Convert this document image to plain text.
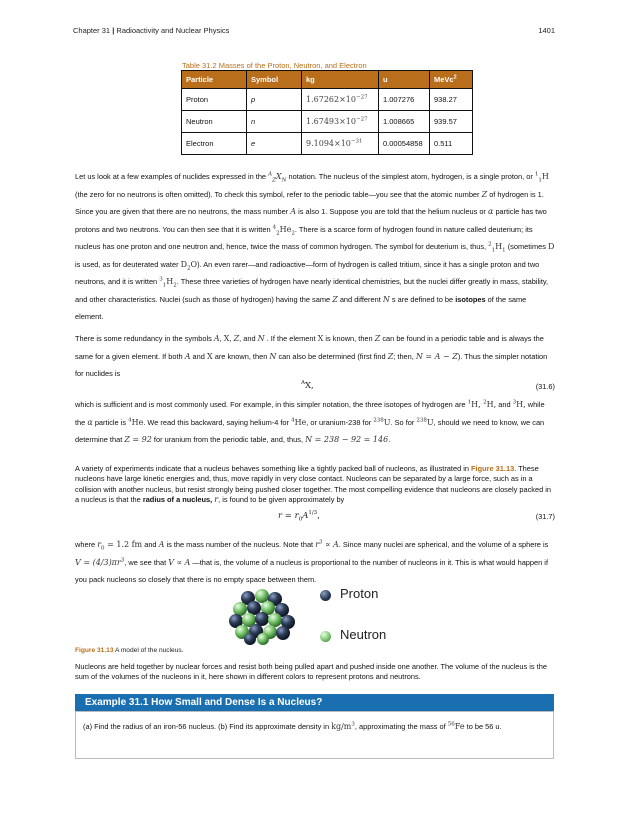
Chapter 31 | Radioactivity and Nuclear Physics	1401
Table 31.2 Masses of the Proton, Neutron, and Electron
Particle	Symbol	kg	u	MeVc$^2$
Proton	p	$1.67262\times 10^{-27}$	1.007276	938.27
Neutron	n	$1.67493\times 10^{-27}$	1.008665	939.57
Electron	e	$9.1094\times 10^{-31}$	0.00054858	0.511
Let us look at a few examples of nuclides expressed in the $^A_ZX_N$ notation. The nucleus of the simplest atom, hydrogen, is a single proton, or $^1_1$H (the zero for no neutrons is often omitted). To check this symbol, refer to the periodic table—you see that the atomic number Z of hydrogen is 1. Since you are given that there are no neutrons, the mass number A is also 1. Suppose you are told that the helium nucleus or α particle has two protons and two neutrons. You can then see that it is written $^4_2He_2$. There is a scarce form of hydrogen found in nature called deuterium; its nucleus has one proton and one neutron and, hence, twice the mass of common hydrogen. The symbol for deuterium is, thus, $^2_1H_1$ (sometimes D is used, as for deuterated water $D_2O$). An even rarer—and radioactive—form of hydrogen is called tritium, since it has a single proton and two neutrons, and it is written $^3_1H_2$. These three varieties of hydrogen have nearly identical chemistries, but the nuclei differ greatly in mass, stability, and other characteristics. Nuclei (such as those of hydrogen) having the same Z and different N s are defined to be isotopes of the same element.
There is some redundancy in the symbols A, X, Z, and N . If the element X is known, then Z can be found in a periodic table and is always the same for a given element. If both A and X are known, then N can also be determined (first find Z; then, N = A − Z). Thus the simpler notation for nuclides is
$^A$X,	(31.6)
which is sufficient and is most commonly used. For example, in this simpler notation, the three isotopes of hydrogen are $^1$H, $^2$H, and $^3$H, while the α particle is $^4$He. We read this backward, saying helium-4 for $^4$He, or uranium-238 for $^{238}$U. So for $^{238}$U, should we need to know, we can determine that Z = 92 for uranium from the periodic table, and, thus, N = 238 − 92 = 146.
A variety of experiments indicate that a nucleus behaves something like a tightly packed ball of nucleons, as illustrated in Figure 31.13. These nucleons have large kinetic energies and, thus, move rapidly in very close contact. Nucleons can be separated by a large force, such as in a collision with another nucleus, but resist strongly being pushed closer together. The most compelling evidence that nucleons are closely packed in a nucleus is that the radius of a nucleus, r, is found to be given approximately by
$r = r_0A^{1/3}$,	(31.7)
where $r_0 = 1.2$ fm and A is the mass number of the nucleus. Note that $r^3 \propto A$. Since many nuclei are spherical, and the volume of a sphere is $V = (4/3)\pi r^3$, we see that V ∝ A —that is, the volume of a nucleus is proportional to the number of nucleons in it. This is what would happen if you pack nucleons so closely that there is no empty space between them.
Proton
Neutron
Figure 31.13 A model of the nucleus.
Nucleons are held together by nuclear forces and resist both being pulled apart and pushed inside one another. The volume of the nucleus is the sum of the volumes of the nucleons in it, here shown in different colors to represent protons and neutrons.
Example 31.1 How Small and Dense Is a Nucleus?
(a) Find the radius of an iron-56 nucleus. (b) Find its approximate density in $kg/m^3$, approximating the mass of $^{56}$Fe to be 56 u.
